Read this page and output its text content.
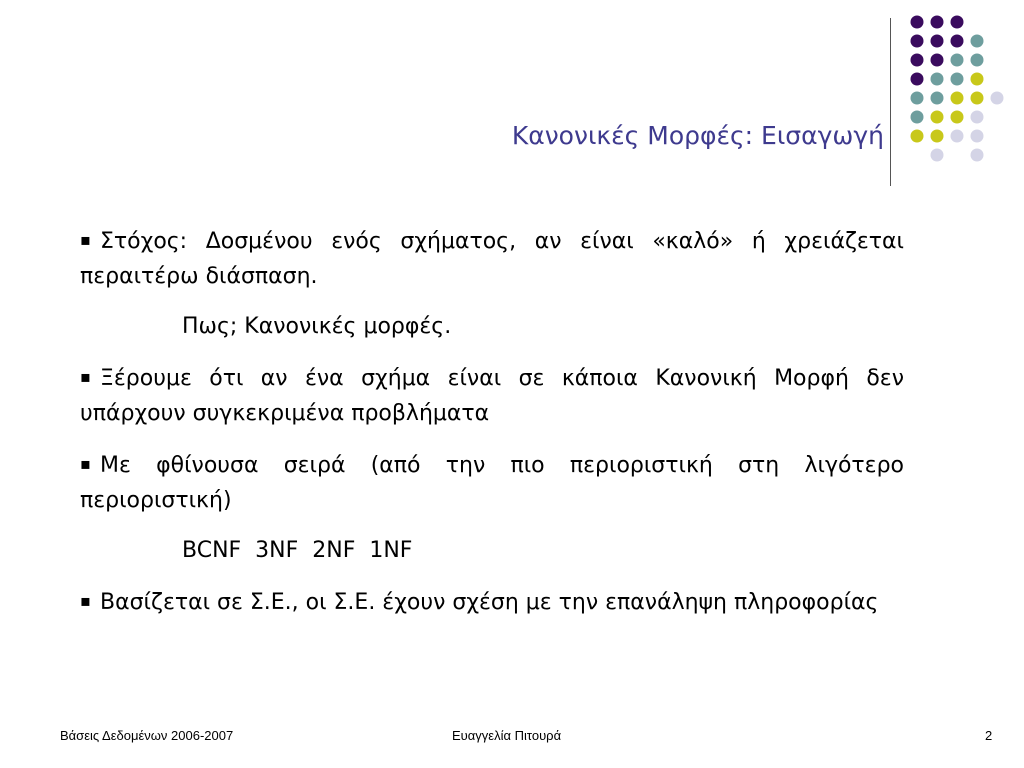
Κανονικές Μορφές: Εισαγωγή
▪ Στόχος: Δοσμένου ενός σχήματος, αν είναι «καλό» ή χρειάζεται περαιτέρω διάσπαση.
Πως; Κανονικές μορφές.
▪ Ξέρουμε ότι αν ένα σχήμα είναι σε κάποια Κανονική Μορφή δεν υπάρχουν συγκεκριμένα προβλήματα
▪ Με φθίνουσα σειρά (από την πιο περιοριστική στη λιγότερο περιοριστική)
BCNF  3NF  2NF  1NF
▪ Βασίζεται σε Σ.Ε., οι Σ.Ε. έχουν σχέση με την επανάληψη πληροφορίας
Βάσεις Δεδομένων 2006-2007	Ευαγγελία Πιτουρά	2
